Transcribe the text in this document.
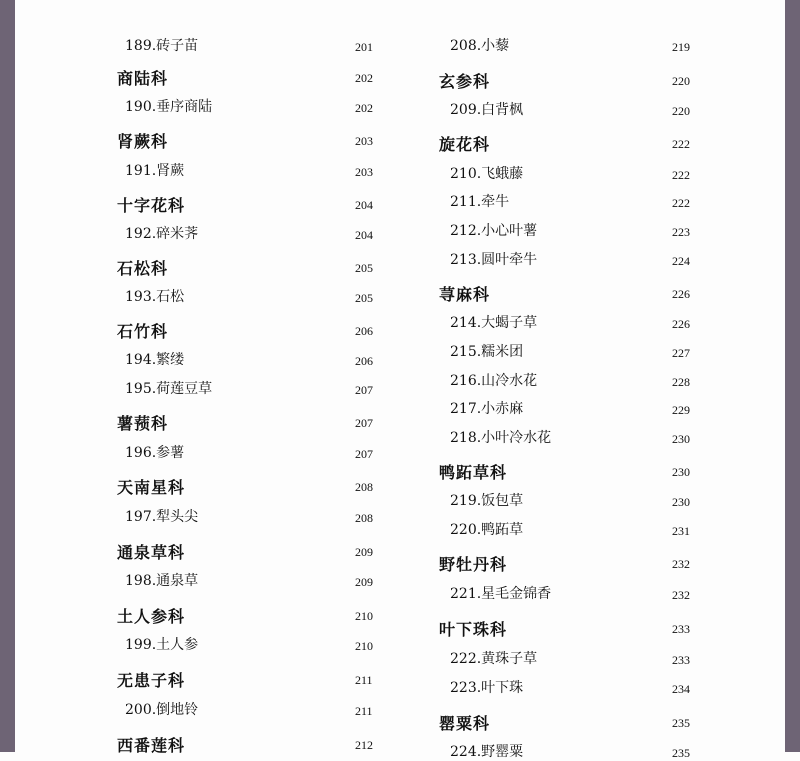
189.砖子苗	201
商陆科	202
190.垂序商陆	202
肾蕨科	203
191.肾蕨	203
十字花科	204
192.碎米荠	204
石松科	205
193.石松	205
石竹科	206
194.繁缕	206
195.荷莲豆草	207
薯蓣科	207
196.参薯	207
天南星科	208
197.犁头尖	208
通泉草科	209
198.通泉草	209
土人参科	210
199.土人参	210
无患子科	211
200.倒地铃	211
西番莲科	212
208.小藜	219
玄参科	220
209.白背枫	220
旋花科	222
210.飞蛾藤	222
211.牵牛	222
212.小心叶薯	223
213.圆叶牵牛	224
荨麻科	226
214.大蝎子草	226
215.糯米团	227
216.山冷水花	228
217.小赤麻	229
218.小叶冷水花	230
鸭跖草科	230
219.饭包草	230
220.鸭跖草	231
野牡丹科	232
221.星毛金锦香	232
叶下珠科	233
222.黄珠子草	233
223.叶下珠	234
罂粟科	235
224.野罂粟	235
